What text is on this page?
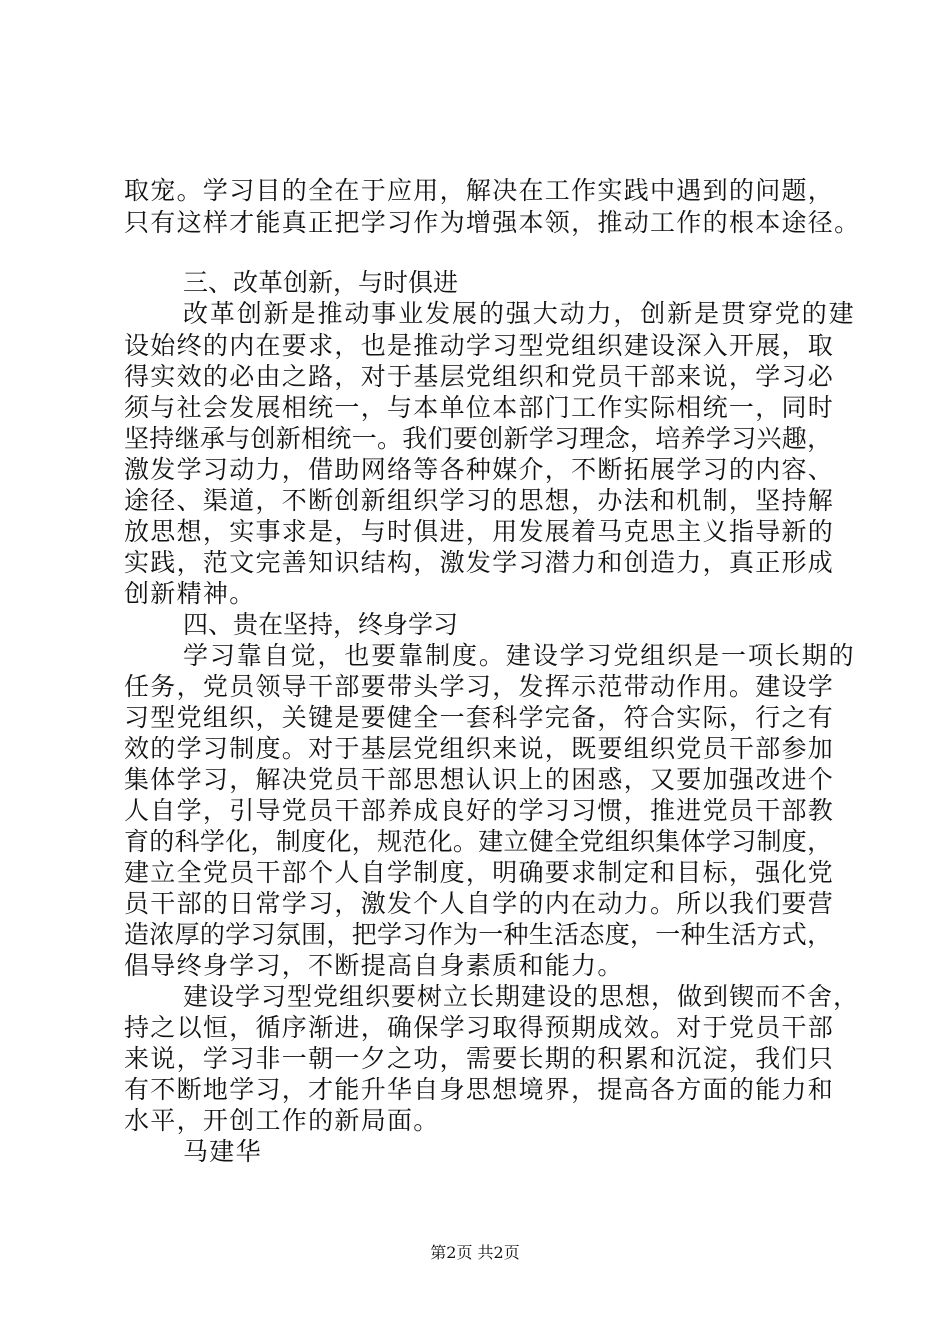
取宠。学习目的全在于应用，解决在工作实践中遇到的问题，
只有这样才能真正把学习作为增强本领，推动工作的根本途径。
三、改革创新，与时俱进
改革创新是推动事业发展的强大动力，创新是贯穿党的建
设始终的内在要求，也是推动学习型党组织建设深入开展，取
得实效的必由之路，对于基层党组织和党员干部来说，学习必
须与社会发展相统一，与本单位本部门工作实际相统一，同时
坚持继承与创新相统一。我们要创新学习理念，培养学习兴趣，
激发学习动力，借助网络等各种媒介，不断拓展学习的内容、
途径、渠道，不断创新组织学习的思想，办法和机制，坚持解
放思想，实事求是，与时俱进，用发展着马克思主义指导新的
实践，范文完善知识结构，激发学习潜力和创造力，真正形成
创新精神。
四、贵在坚持，终身学习
学习靠自觉，也要靠制度。建设学习党组织是一项长期的
任务，党员领导干部要带头学习，发挥示范带动作用。建设学
习型党组织，关键是要健全一套科学完备，符合实际，行之有
效的学习制度。对于基层党组织来说，既要组织党员干部参加
集体学习，解决党员干部思想认识上的困惑，又要加强改进个
人自学，引导党员干部养成良好的学习习惯，推进党员干部教
育的科学化，制度化，规范化。建立健全党组织集体学习制度，
建立全党员干部个人自学制度，明确要求制定和目标，强化党
员干部的日常学习，激发个人自学的内在动力。所以我们要营
造浓厚的学习氛围，把学习作为一种生活态度，一种生活方式，
倡导终身学习，不断提高自身素质和能力。
建设学习型党组织要树立长期建设的思想，做到锲而不舍，
持之以恒，循序渐进，确保学习取得预期成效。对于党员干部
来说，学习非一朝一夕之功，需要长期的积累和沉淀，我们只
有不断地学习，才能升华自身思想境界，提高各方面的能力和
水平，开创工作的新局面。
马建华
第2页 共2页
